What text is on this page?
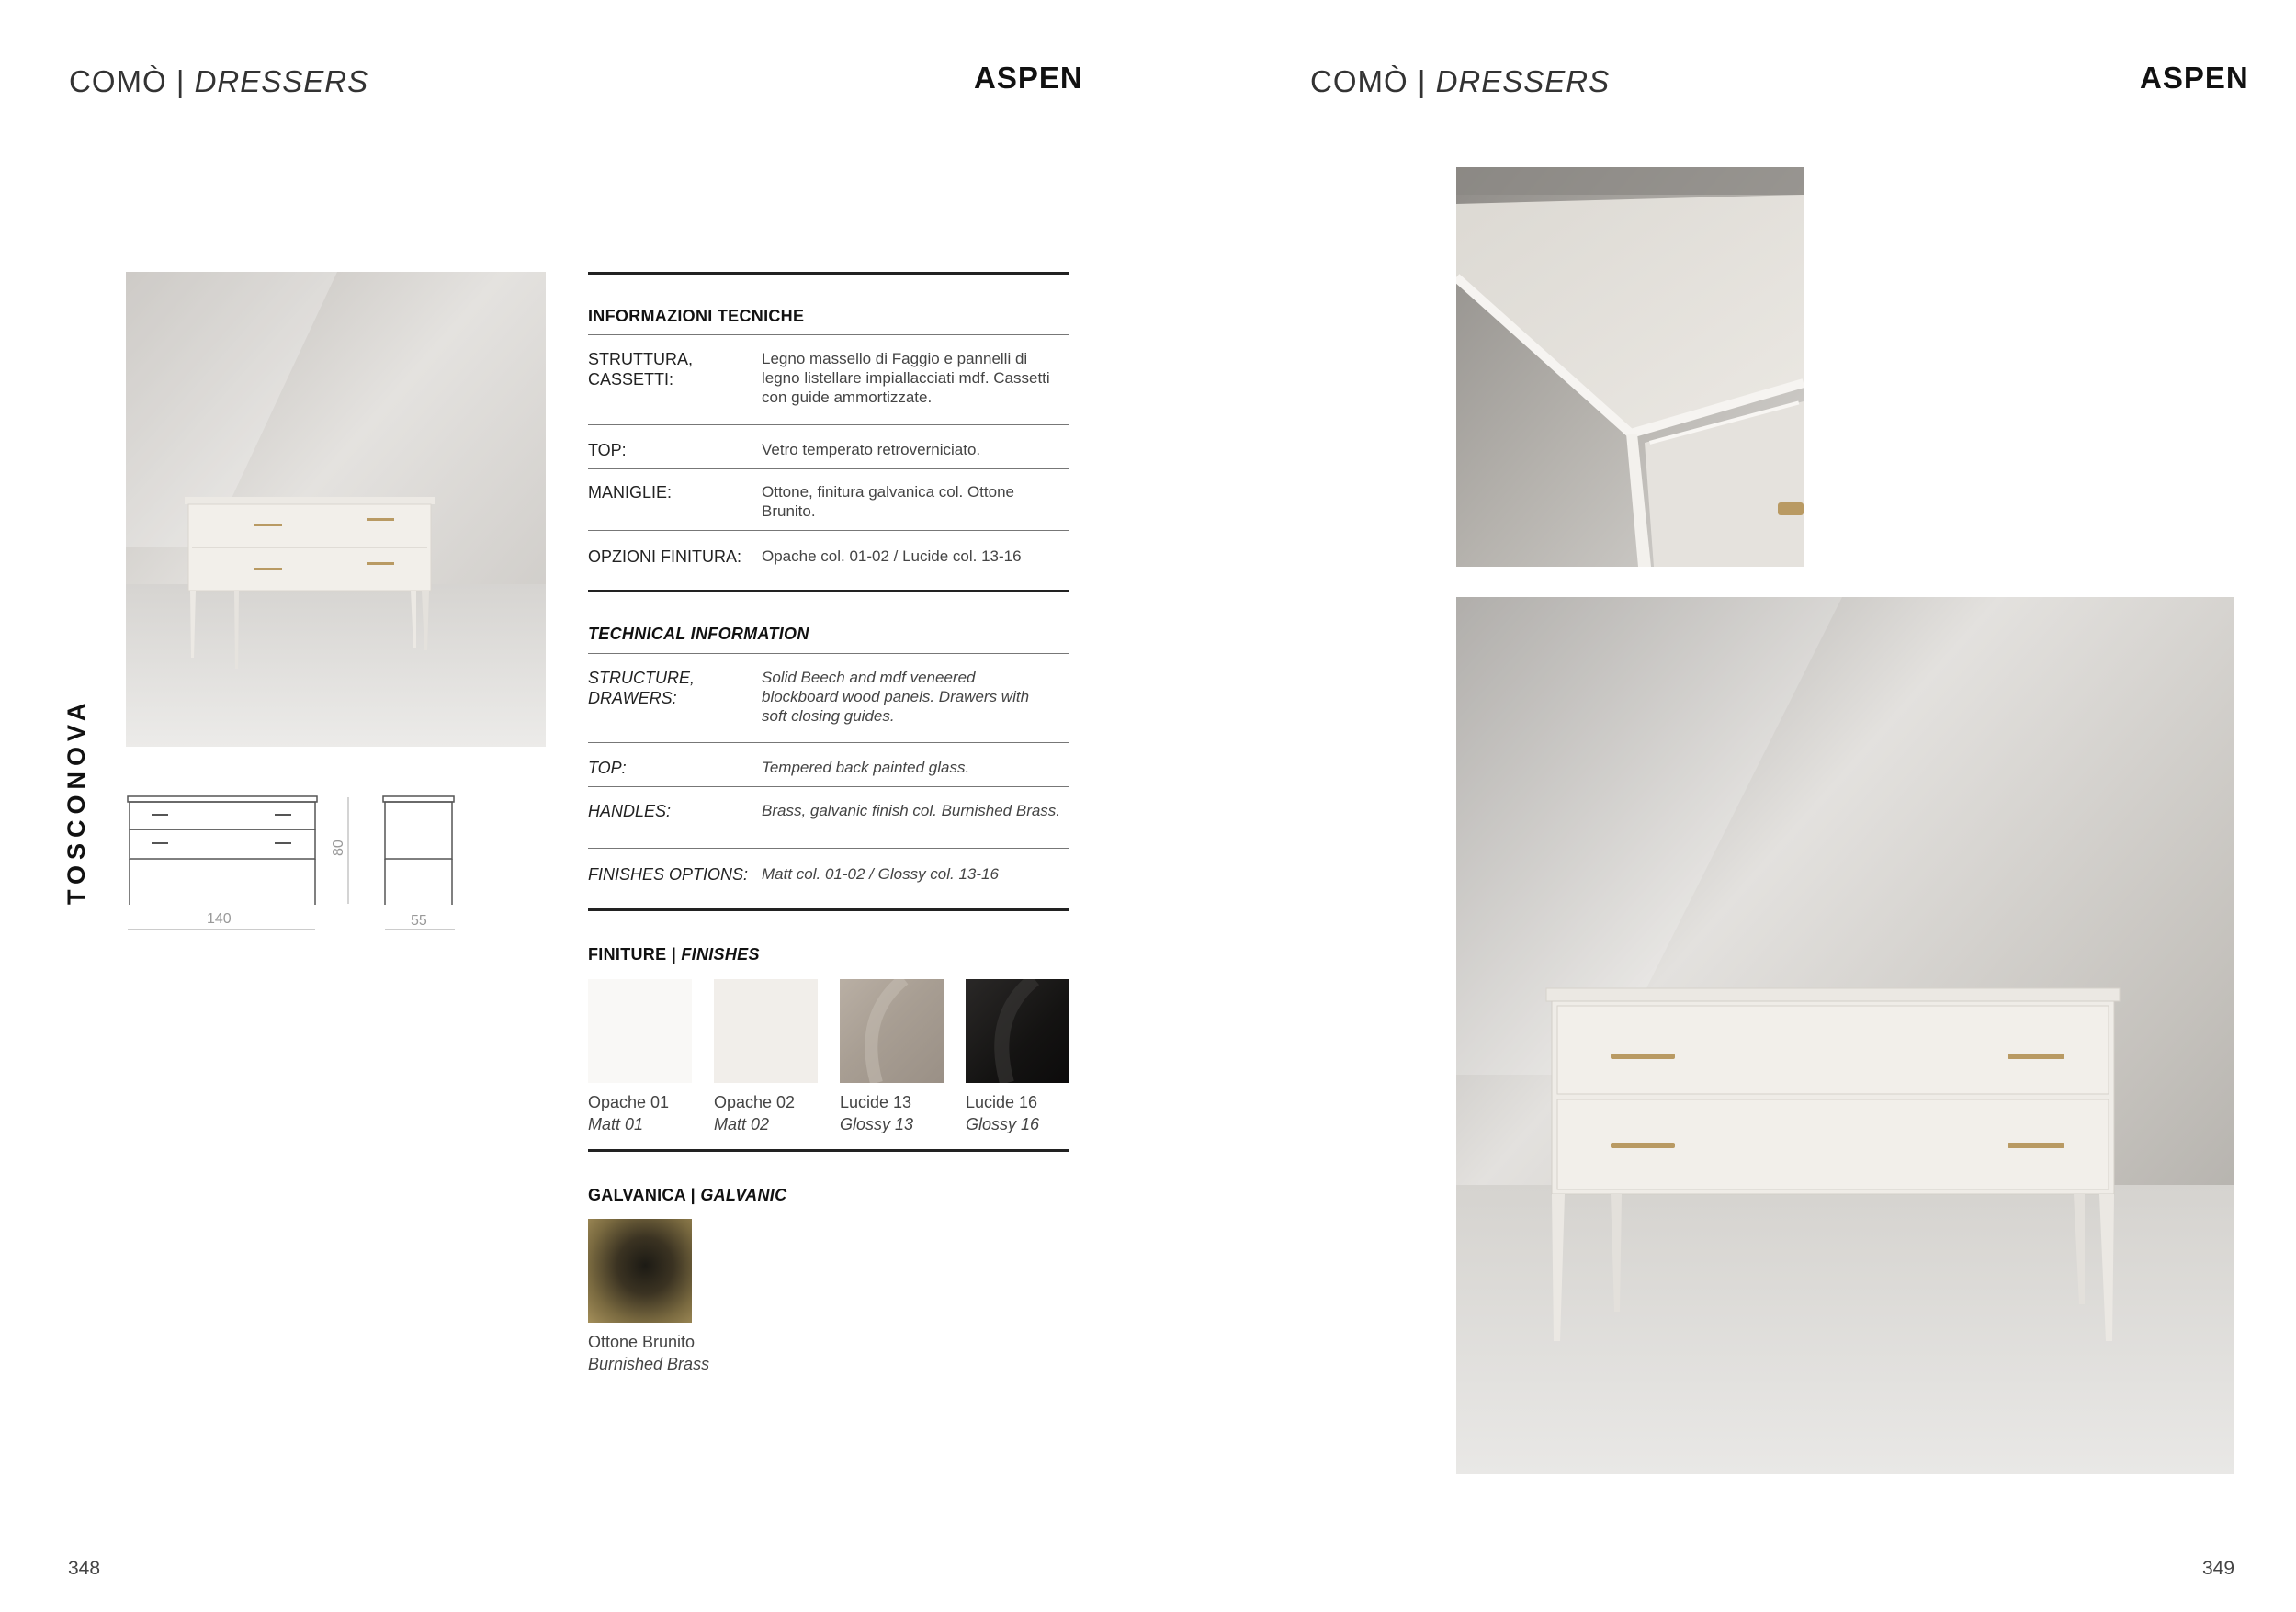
COMÒ | DRESSERS	ASPEN	COMÒ | DRESSERS	ASPEN
TOSCONOVA
140	55
80
INFORMAZIONI TECNICHE
STRUTTURA, CASSETTI:
Legno massello di Faggio e pannelli di legno listellare impiallacciati mdf. Cassetti con guide ammortizzate.
TOP:	Vetro temperato retroverniciato.
MANIGLIE:	Ottone, finitura galvanica col. Ottone Brunito.
OPZIONI FINITURA:	Opache col. 01-02 / Lucide col. 13-16
TECHNICAL INFORMATION
STRUCTURE, DRAWERS:
Solid Beech and mdf veneered blockboard wood panels. Drawers with soft closing guides.
TOP:	Tempered back painted glass.
HANDLES:	Brass, galvanic finish col. Burnished Brass.
FINISHES OPTIONS: Matt col. 01-02 / Glossy col. 13-16
FINITURE | FINISHES
Opache 01
Matt 01
Opache 02
Matt 02
Lucide 13
Glossy 13
Lucide 16
Glossy 16
GALVANICA | GALVANIC
Ottone Brunito
Burnished Brass
348	349
